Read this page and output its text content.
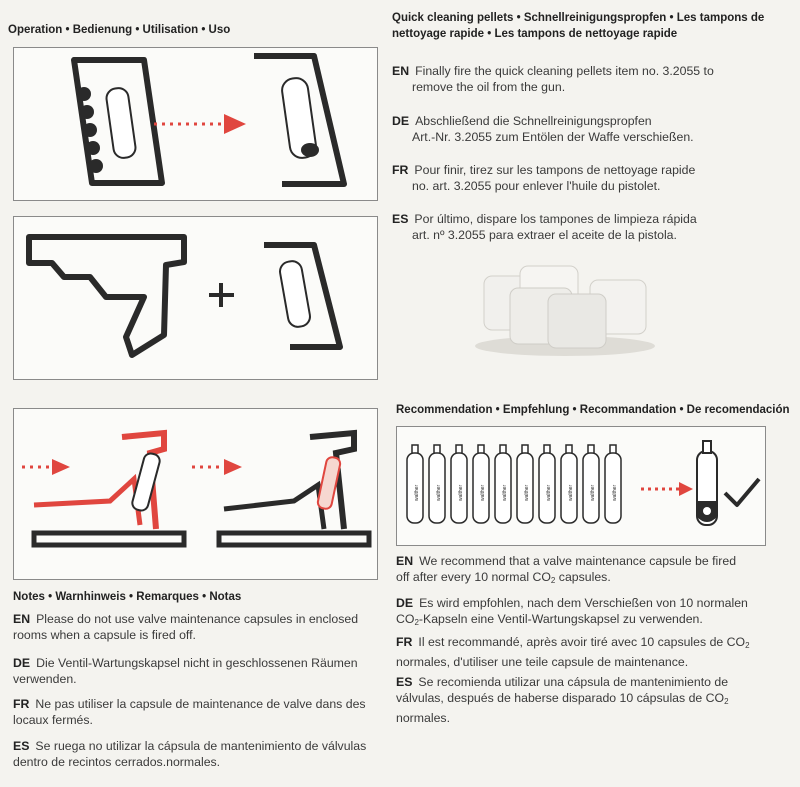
Operation • Bedienung • Utilisation • Uso
Notes • Warnhinweis • Remarques • Notas
EN Please do not use valve maintenance capsules in enclosed
rooms when a capsule is fired off.
DE Die Ventil-Wartungskapsel nicht in geschlossenen Räumen
verwenden.
FR Ne pas utiliser la capsule de maintenance de valve dans des
locaux fermés.
ES Se ruega no utilizar la cápsula de mantenimiento de válvulas
dentro de recintos cerrados.normales.
Quick cleaning pellets • Schnellreinigungspropfen • Les tampons de
nettoyage rapide • Les tampons de nettoyage rapide
EN Finally fire the quick cleaning pellets item no. 3.2055 to
remove the oil from the gun.
DE Abschließend die Schnellreinigungspropfen
Art.-Nr. 3.2055 zum Entölen der Waffe verschießen.
FR Pour finir, tirez sur les tampons de nettoyage rapide
no. art. 3.2055 pour enlever l'huile du pistolet.
ES Por último, dispare los tampones de limpieza rápida
art. nº 3.2055 para extraer el aceite de la pistola.
Recommendation • Empfehlung • Recommandation • De recomendación
walther	walther	walther	walther	walther	walther	walther	walther	walther	walther
EN We recommend that a valve maintenance capsule be fired
off after every 10 normal $CO_2$ capsules.
DE Es wird empfohlen, nach dem Verschießen von 10 normalen
$CO_2$-Kapseln eine Ventil-Wartungskapsel zu verwenden.
FR Il est recommandé, après avoir tiré avec 10 capsules de $CO_2$
normales, d'utiliser une teile capsule de maintenance.
ES Se recomienda utilizar una cápsula de mantenimiento de
válvulas, después de haberse disparado 10 cápsulas de $CO_2$
normales.
